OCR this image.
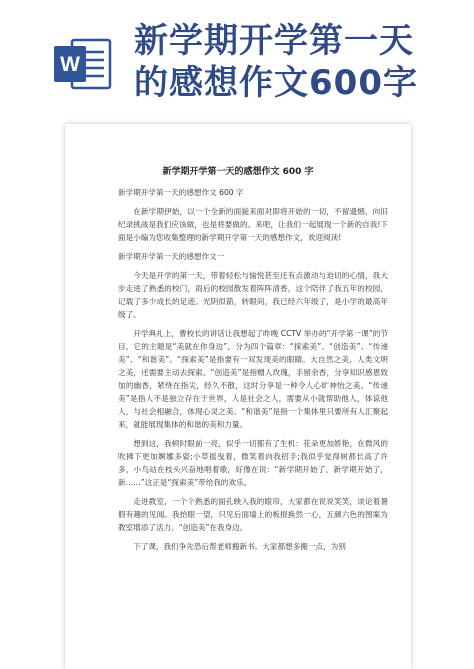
W
新学期开学第一天
的感想作文600字
新学期开学第一天的感想作文 600 字

新学期开学第一天的感想作文 600 字

在新学期伊始，以一个全新的面貌来面对即将开始的一切，不留遗憾，向旧纪录挑战是我们应该做，也是将要做的。来吧，让我们一起展现一个新的自我!下面是小编为您收集整理的新学期开学第一天的感想作文，欢迎阅读!

新学期开学第一天的感想作文一

今天是开学的第一天，带着轻松与愉悦甚至还有点激动与迫切的心情，我大步走进了熟悉的校门，雨后的校园散发着阵阵清香，这个陪伴了我五年的校园，记载了多少成长的足迹。光阴似箭，转眼间，我已经六年级了，是小学的最高年级了。

开学典礼上，曹校长的讲话让我想起了昨晚 CCTV 举办的“开学第一课”的节目，它的主题是“美就在你身边”，分为四个篇章：“探索美”、“创造美”、“传递美”、“和谐美”。“探索美”是指要有一双发现美的眼睛。大自然之美，人类文明之美，还需要主动去探索。“创造美”是指赠人玫瑰，手留余香，分享知识感恩致加的幽香，紧绕在指尖，经久不散，这时分享是一种令人心旷神怡之美。“传递美”是指人不是独立存在于世界，人是社会之人，需要从小就帮助他人，体谅他人，与社会相融合，体现心灵之美。“和谐美”是指一个集体里只要所有人汇聚起来，就能展现集体的和谐的美和力量。

想到这，我顿时眼前一亮，似乎一切都有了生机：花朵更加娇艳，在微风的吹拂下更加婀娜多姿;小草摇曳着，微笑着向我招手;我似乎觉得树都长高了许多，小鸟站在枝头兴奋地唱着歌，好像在说：“新学期开始了，新学期开始了，新……”这正是“探索美”带给我的欢乐。

走进教室，一个个熟悉的面孔映入我的眼帘，大家都在说说笑笑，谈论着暑假有趣的见闻。我抬眼一望，只见后面墙上的板报换然一心，五颜六色的图案为教室增添了活力。“创造美”在我身边。

下了课，我们争先恐后帮老师搬新书。大家都想多搬一点，为别
